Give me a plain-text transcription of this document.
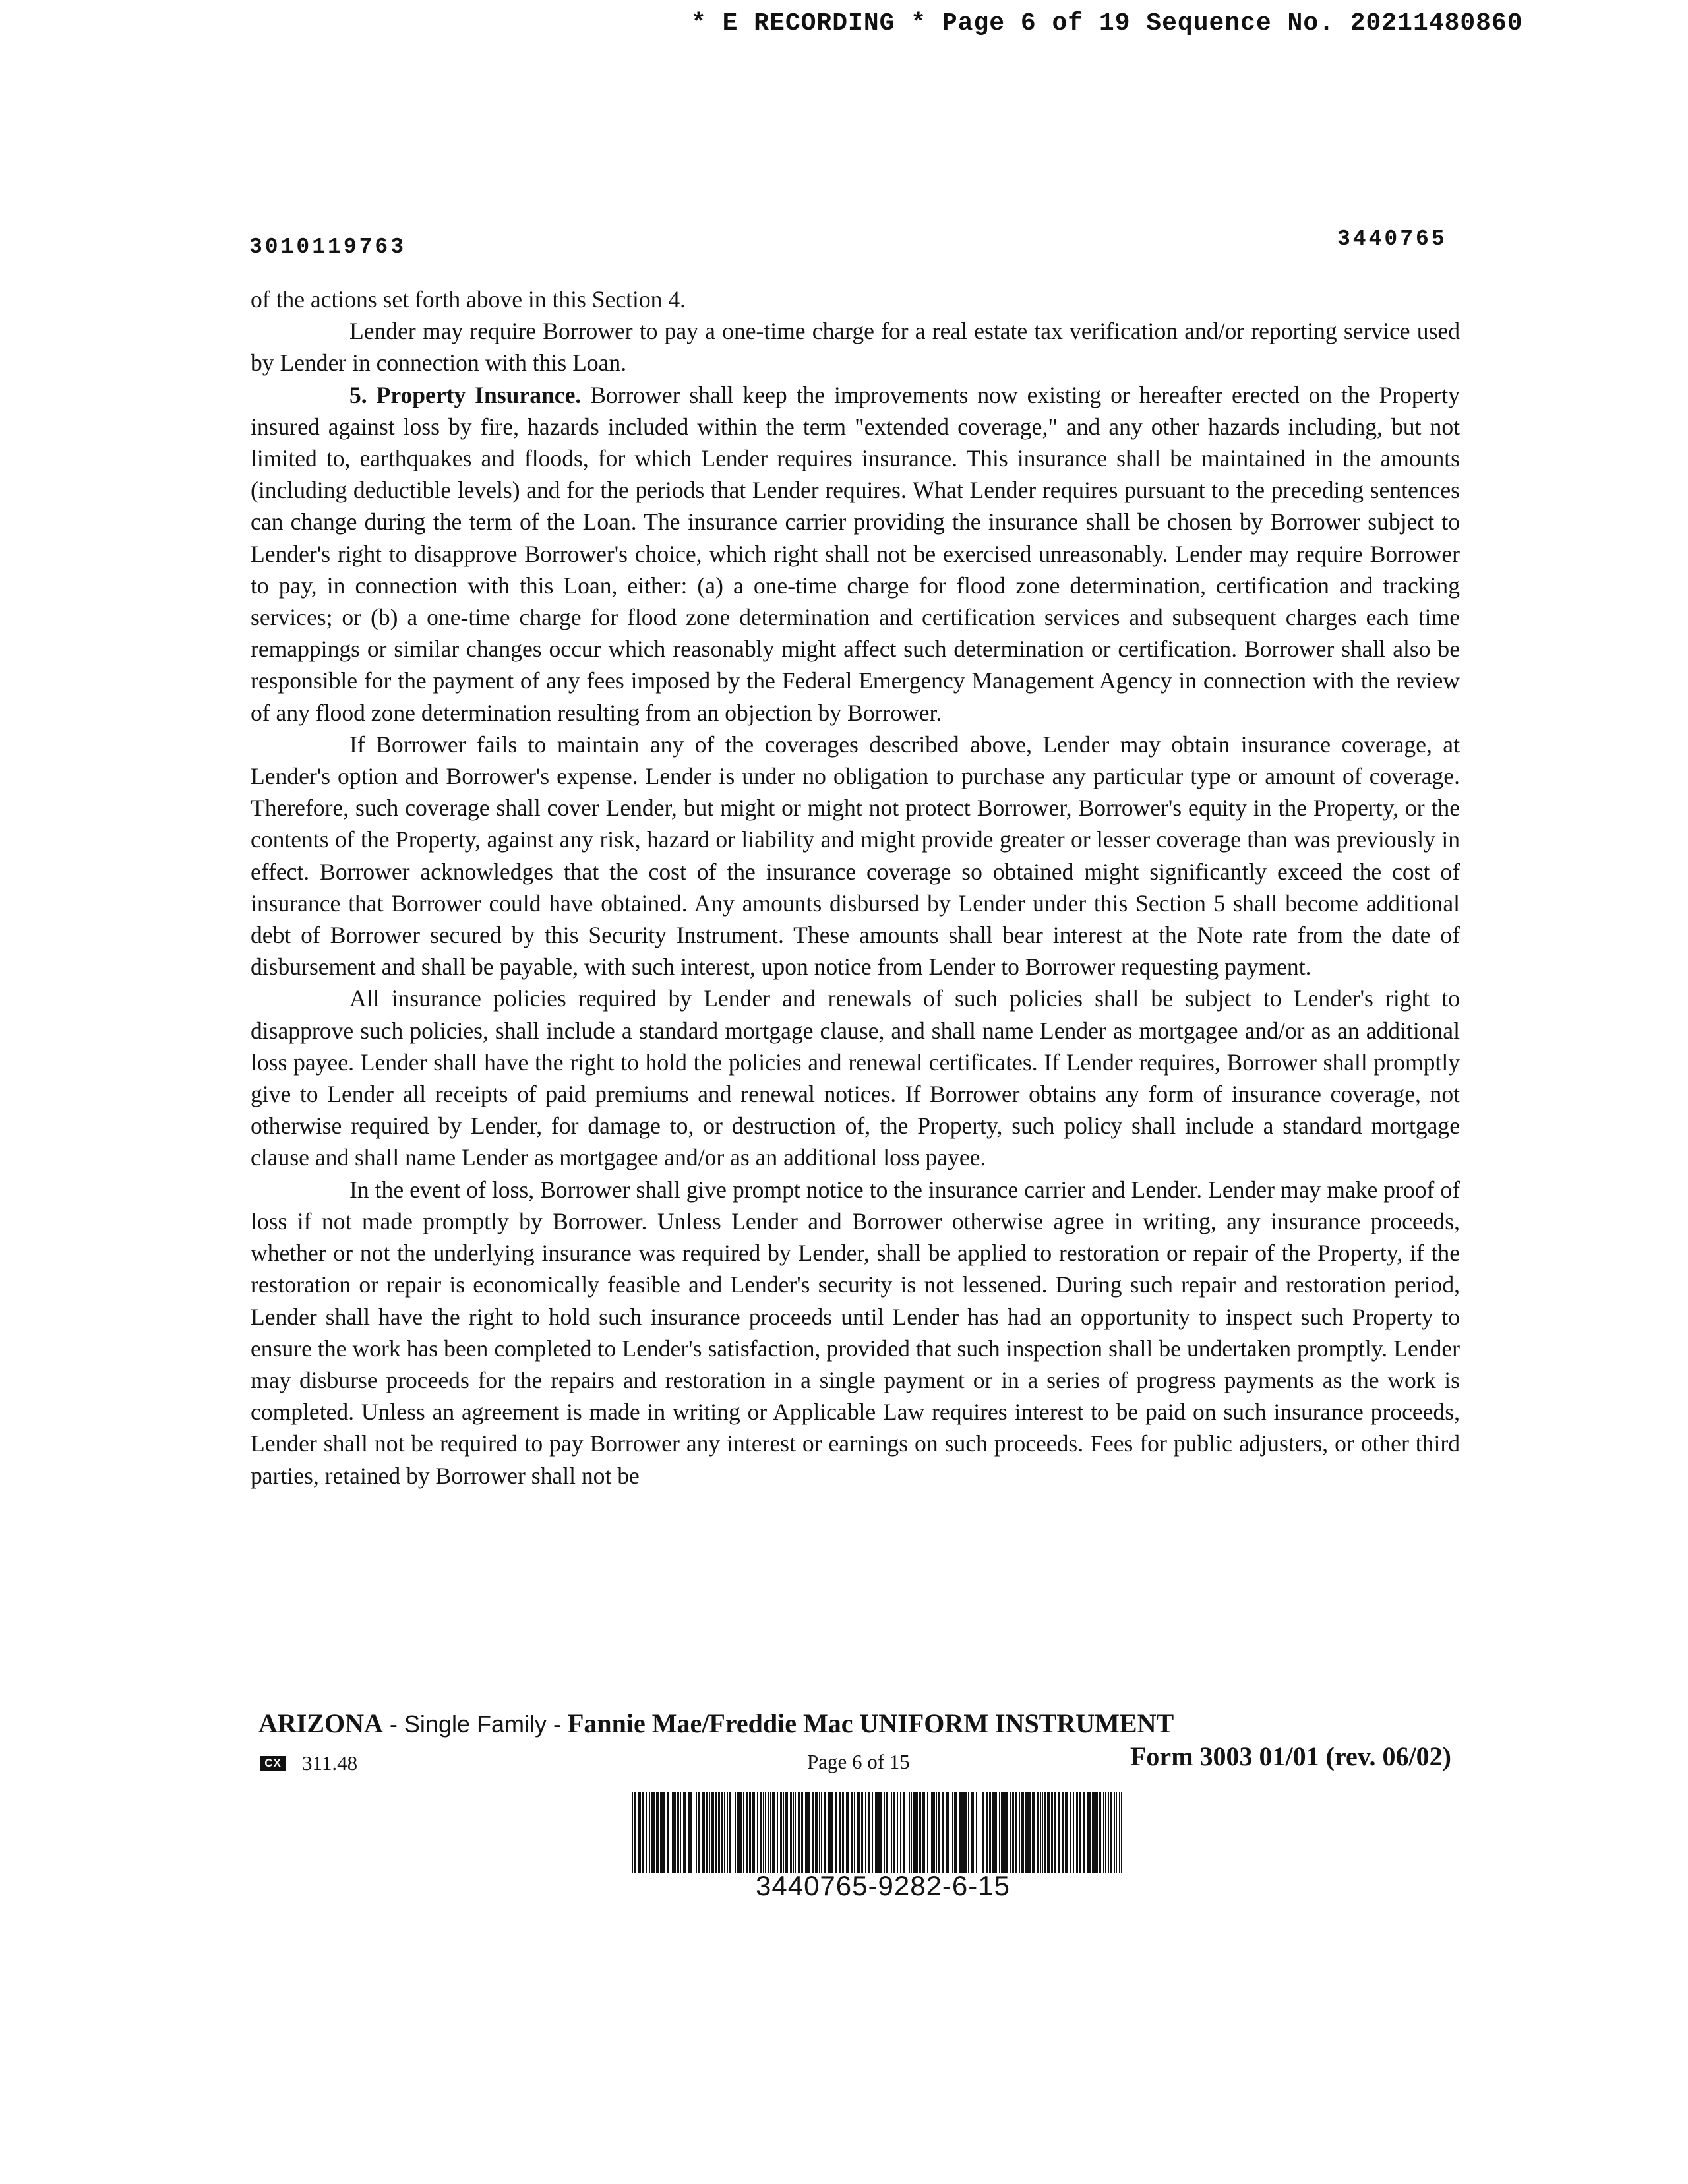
* E RECORDING * Page 6 of 19 Sequence No. 20211480860
3010119763	3440765

of the actions set forth above in this Section 4.

Lender may require Borrower to pay a one-time charge for a real estate tax verification and/or reporting service used by Lender in connection with this Loan.

5. Property Insurance. Borrower shall keep the improvements now existing or hereafter erected on the Property insured against loss by fire, hazards included within the term "extended coverage," and any other hazards including, but not limited to, earthquakes and floods, for which Lender requires insurance. This insurance shall be maintained in the amounts (including deductible levels) and for the periods that Lender requires. What Lender requires pursuant to the preceding sentences can change during the term of the Loan. The insurance carrier providing the insurance shall be chosen by Borrower subject to Lender's right to disapprove Borrower's choice, which right shall not be exercised unreasonably. Lender may require Borrower to pay, in connection with this Loan, either: (a) a one-time charge for flood zone determination, certification and tracking services; or (b) a one-time charge for flood zone determination and certification services and subsequent charges each time remappings or similar changes occur which reasonably might affect such determination or certification. Borrower shall also be responsible for the payment of any fees imposed by the Federal Emergency Management Agency in connection with the review of any flood zone determination resulting from an objection by Borrower.

If Borrower fails to maintain any of the coverages described above, Lender may obtain insurance coverage, at Lender's option and Borrower's expense. Lender is under no obligation to purchase any particular type or amount of coverage. Therefore, such coverage shall cover Lender, but might or might not protect Borrower, Borrower's equity in the Property, or the contents of the Property, against any risk, hazard or liability and might provide greater or lesser coverage than was previously in effect. Borrower acknowledges that the cost of the insurance coverage so obtained might significantly exceed the cost of insurance that Borrower could have obtained. Any amounts disbursed by Lender under this Section 5 shall become additional debt of Borrower secured by this Security Instrument. These amounts shall bear interest at the Note rate from the date of disbursement and shall be payable, with such interest, upon notice from Lender to Borrower requesting payment.

All insurance policies required by Lender and renewals of such policies shall be subject to Lender's right to disapprove such policies, shall include a standard mortgage clause, and shall name Lender as mortgagee and/or as an additional loss payee. Lender shall have the right to hold the policies and renewal certificates. If Lender requires, Borrower shall promptly give to Lender all receipts of paid premiums and renewal notices. If Borrower obtains any form of insurance coverage, not otherwise required by Lender, for damage to, or destruction of, the Property, such policy shall include a standard mortgage clause and shall name Lender as mortgagee and/or as an additional loss payee.

In the event of loss, Borrower shall give prompt notice to the insurance carrier and Lender. Lender may make proof of loss if not made promptly by Borrower. Unless Lender and Borrower otherwise agree in writing, any insurance proceeds, whether or not the underlying insurance was required by Lender, shall be applied to restoration or repair of the Property, if the restoration or repair is economically feasible and Lender's security is not lessened. During such repair and restoration period, Lender shall have the right to hold such insurance proceeds until Lender has had an opportunity to inspect such Property to ensure the work has been completed to Lender's satisfaction, provided that such inspection shall be undertaken promptly. Lender may disburse proceeds for the repairs and restoration in a single payment or in a series of progress payments as the work is completed. Unless an agreement is made in writing or Applicable Law requires interest to be paid on such insurance proceeds, Lender shall not be required to pay Borrower any interest or earnings on such proceeds. Fees for public adjusters, or other third parties, retained by Borrower shall not be

ARIZONA - Single Family - Fannie Mae/Freddie Mac UNIFORM INSTRUMENT
CX 311.48	Page 6 of 15	Form 3003 01/01 (rev. 06/02)
3440765-9282-6-15
